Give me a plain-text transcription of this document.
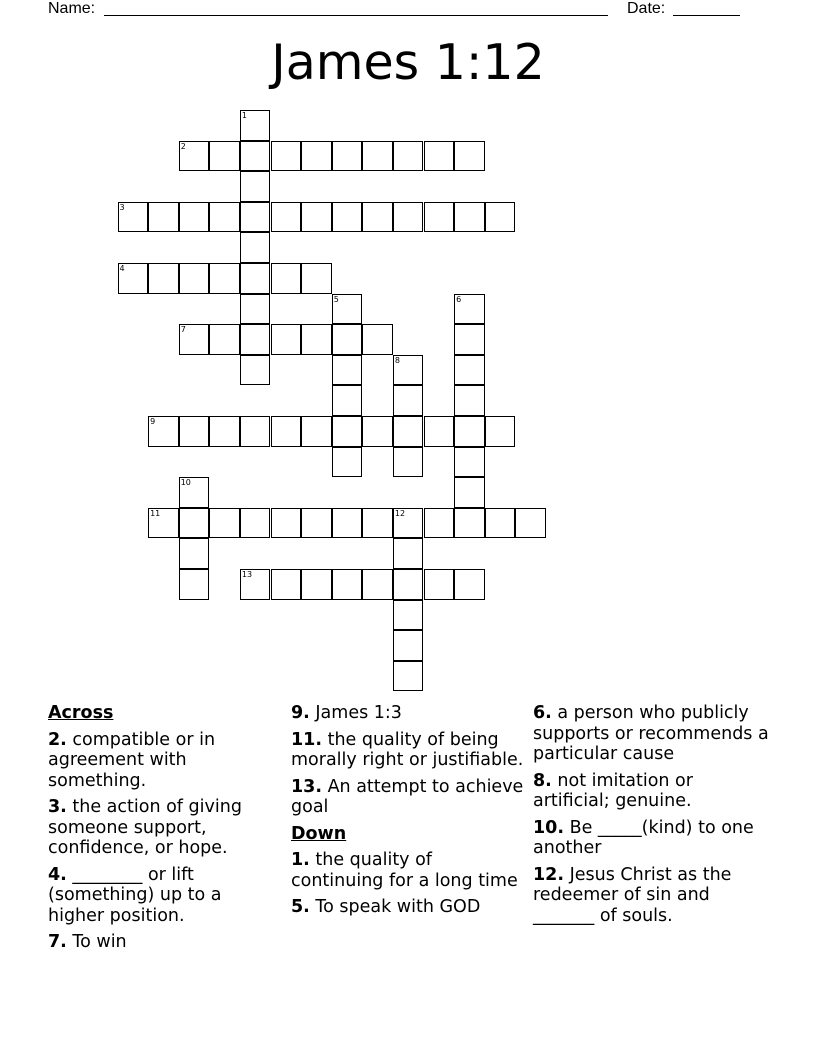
Name:	Date:
James 1:12
2
3
4
7
9
11	12
13
1
5	6
8
10
Across
2. compatible or in agreement with something.
3. the action of giving someone support, confidence, or hope.
4. ________ or lift (something) up to a higher position.
7. To win
9. James 1:3
11. the quality of being morally right or justifiable.
13. An attempt to achieve goal
Down
1. the quality of continuing for a long time
5. To speak with GOD
6. a person who publicly supports or recommends a particular cause
8. not imitation or artificial; genuine.
10. Be _____(kind) to one another
12. Jesus Christ as the redeemer of sin and _______ of souls.
